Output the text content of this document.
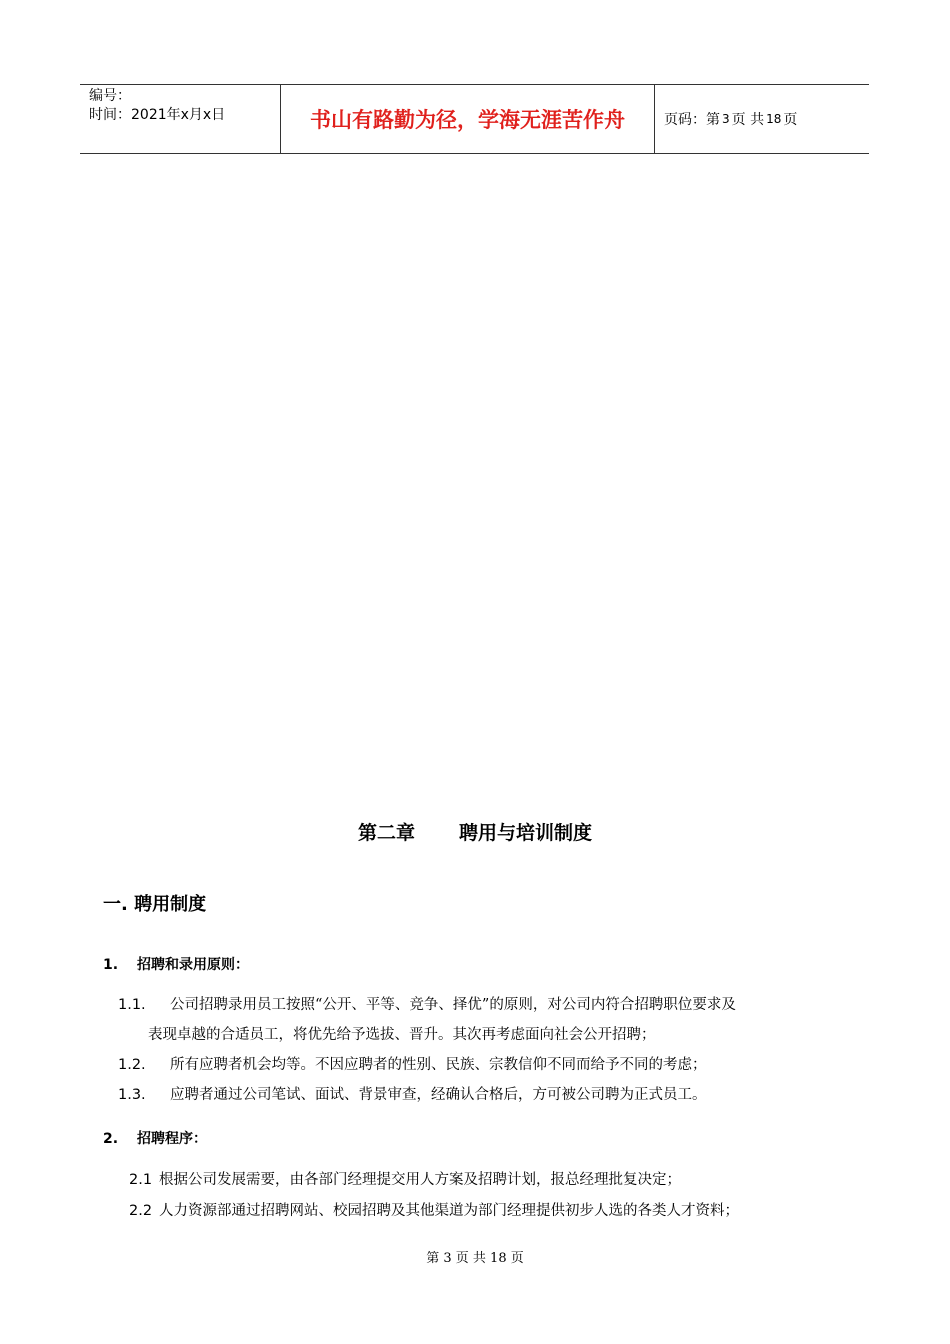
编号：
时间：2021年x月x日	书山有路勤为径，学海无涯苦作舟	页码：第 3 页 共 18 页
第二章 聘用与培训制度
一. 聘用制度
1. 招聘和录用原则：
1.1. 公司招聘录用员工按照“公开、平等、竞争、择优”的原则，对公司内符合招聘职位要求及
表现卓越的合适员工，将优先给予选拔、晋升。其次再考虑面向社会公开招聘；
1.2. 所有应聘者机会均等。不因应聘者的性别、民族、宗教信仰不同而给予不同的考虑；
1.3. 应聘者通过公司笔试、面试、背景审查，经确认合格后，方可被公司聘为正式员工。
2. 招聘程序：
2.1 根据公司发展需要，由各部门经理提交用人方案及招聘计划，报总经理批复决定；
2.2 人力资源部通过招聘网站、校园招聘及其他渠道为部门经理提供初步人选的各类人才资料；
第 3 页 共 18 页
